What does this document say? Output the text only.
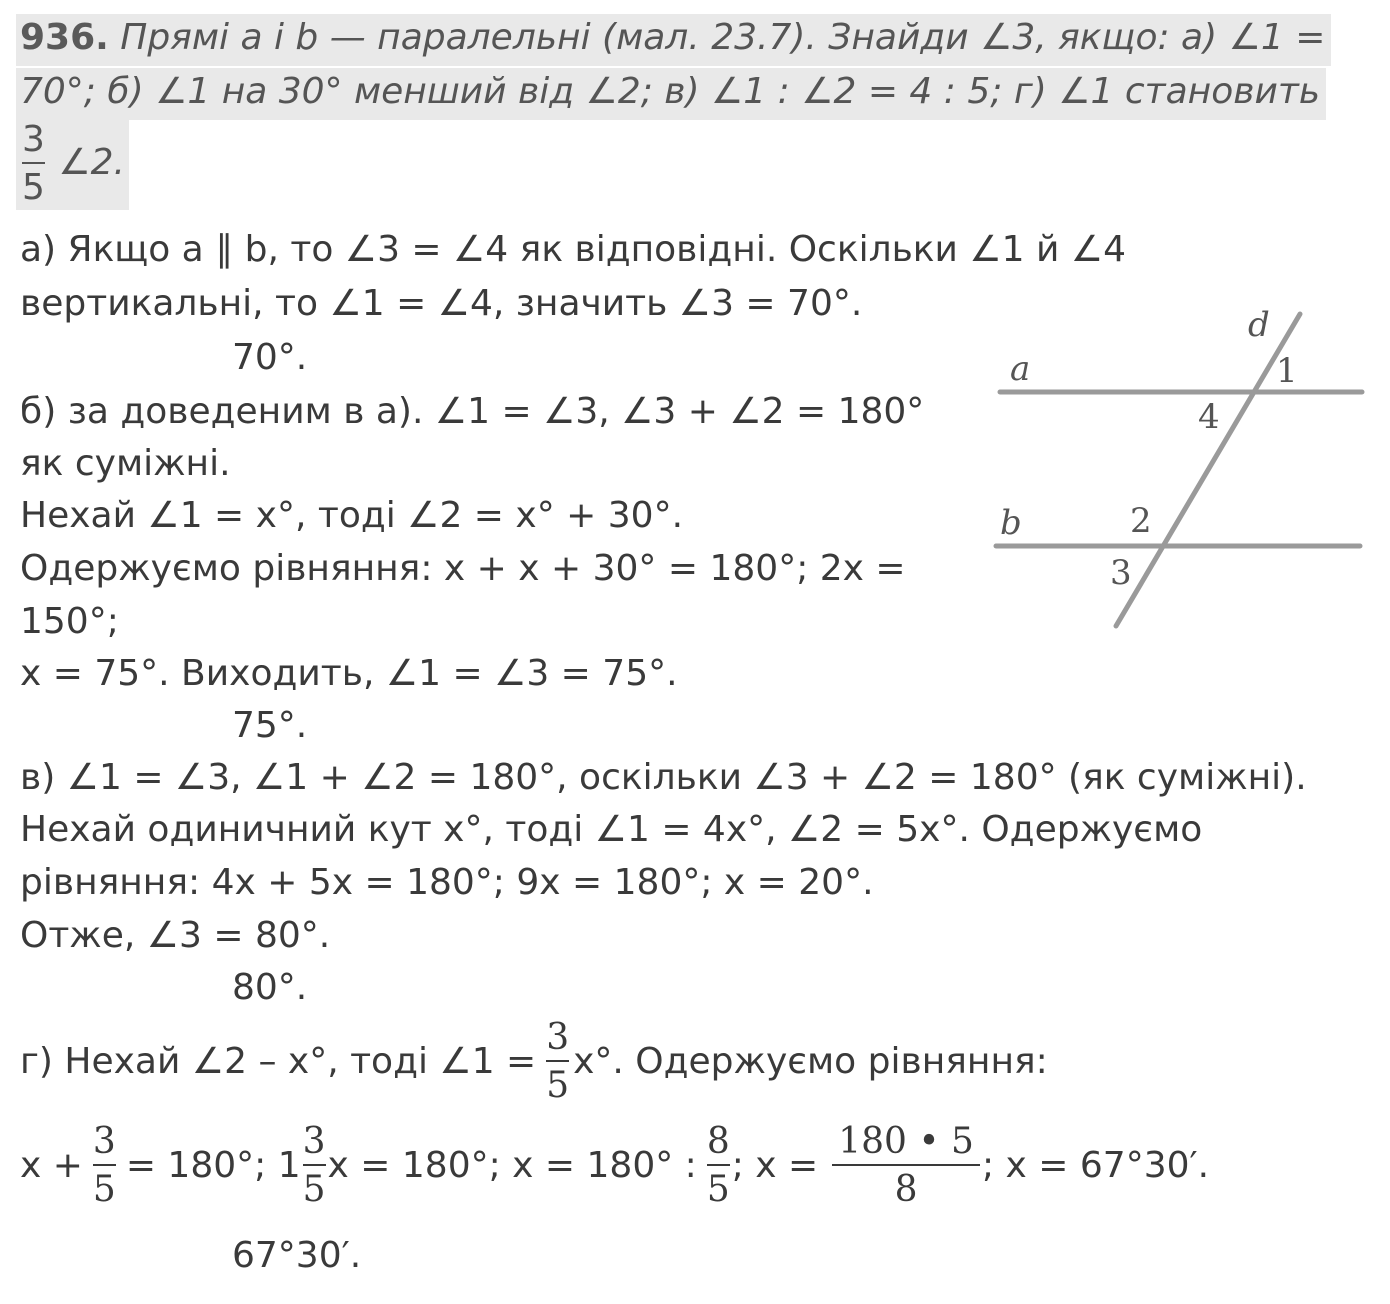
936. Прямі a і b — паралельні (мал. 23.7). Знайди ∠3, якщо: а) ∠1 =
70°; б) ∠1 на 30° менший від ∠2; в) ∠1 : ∠2 = 4 : 5; г) ∠1 становить
$\frac{3}{5}$ ∠2.
а) Якщо a ∥ b, то ∠3 = ∠4 як відповідні. Оскільки ∠1 й ∠4
вертикальні, то ∠1 = ∠4, значить ∠3 = 70°.
70°.
б) за доведеним в а). ∠1 = ∠3, ∠3 + ∠2 = 180°
як суміжні.
Нехай ∠1 = x°, тоді ∠2 = x° + 30°.
Одержуємо рівняння: x + x + 30° = 180°; 2x =
150°;
x = 75°. Виходить, ∠1 = ∠3 = 75°.
75°.
в) ∠1 = ∠3, ∠1 + ∠2 = 180°, оскільки ∠3 + ∠2 = 180° (як суміжні).
Нехай одиничний кут x°, тоді ∠1 = 4x°, ∠2 = 5x°. Одержуємо
рівняння: 4x + 5x = 180°; 9x = 180°; x = 20°.
Отже, ∠3 = 80°.
80°.
г) Нехай ∠2 – x°, тоді ∠1 = $\frac{3}{5} x^\circ$. Одержуємо рівняння:
$x + \frac{3}{5} = 180^\circ$; $1 \frac{3}{5}$ x = 180°; x = 180° : $\frac{8}{5}$ ; $x = \frac{180 • 5}{8}$ ; x = 67°30′.
67°30′.
a
d
b
1
4
2
3
